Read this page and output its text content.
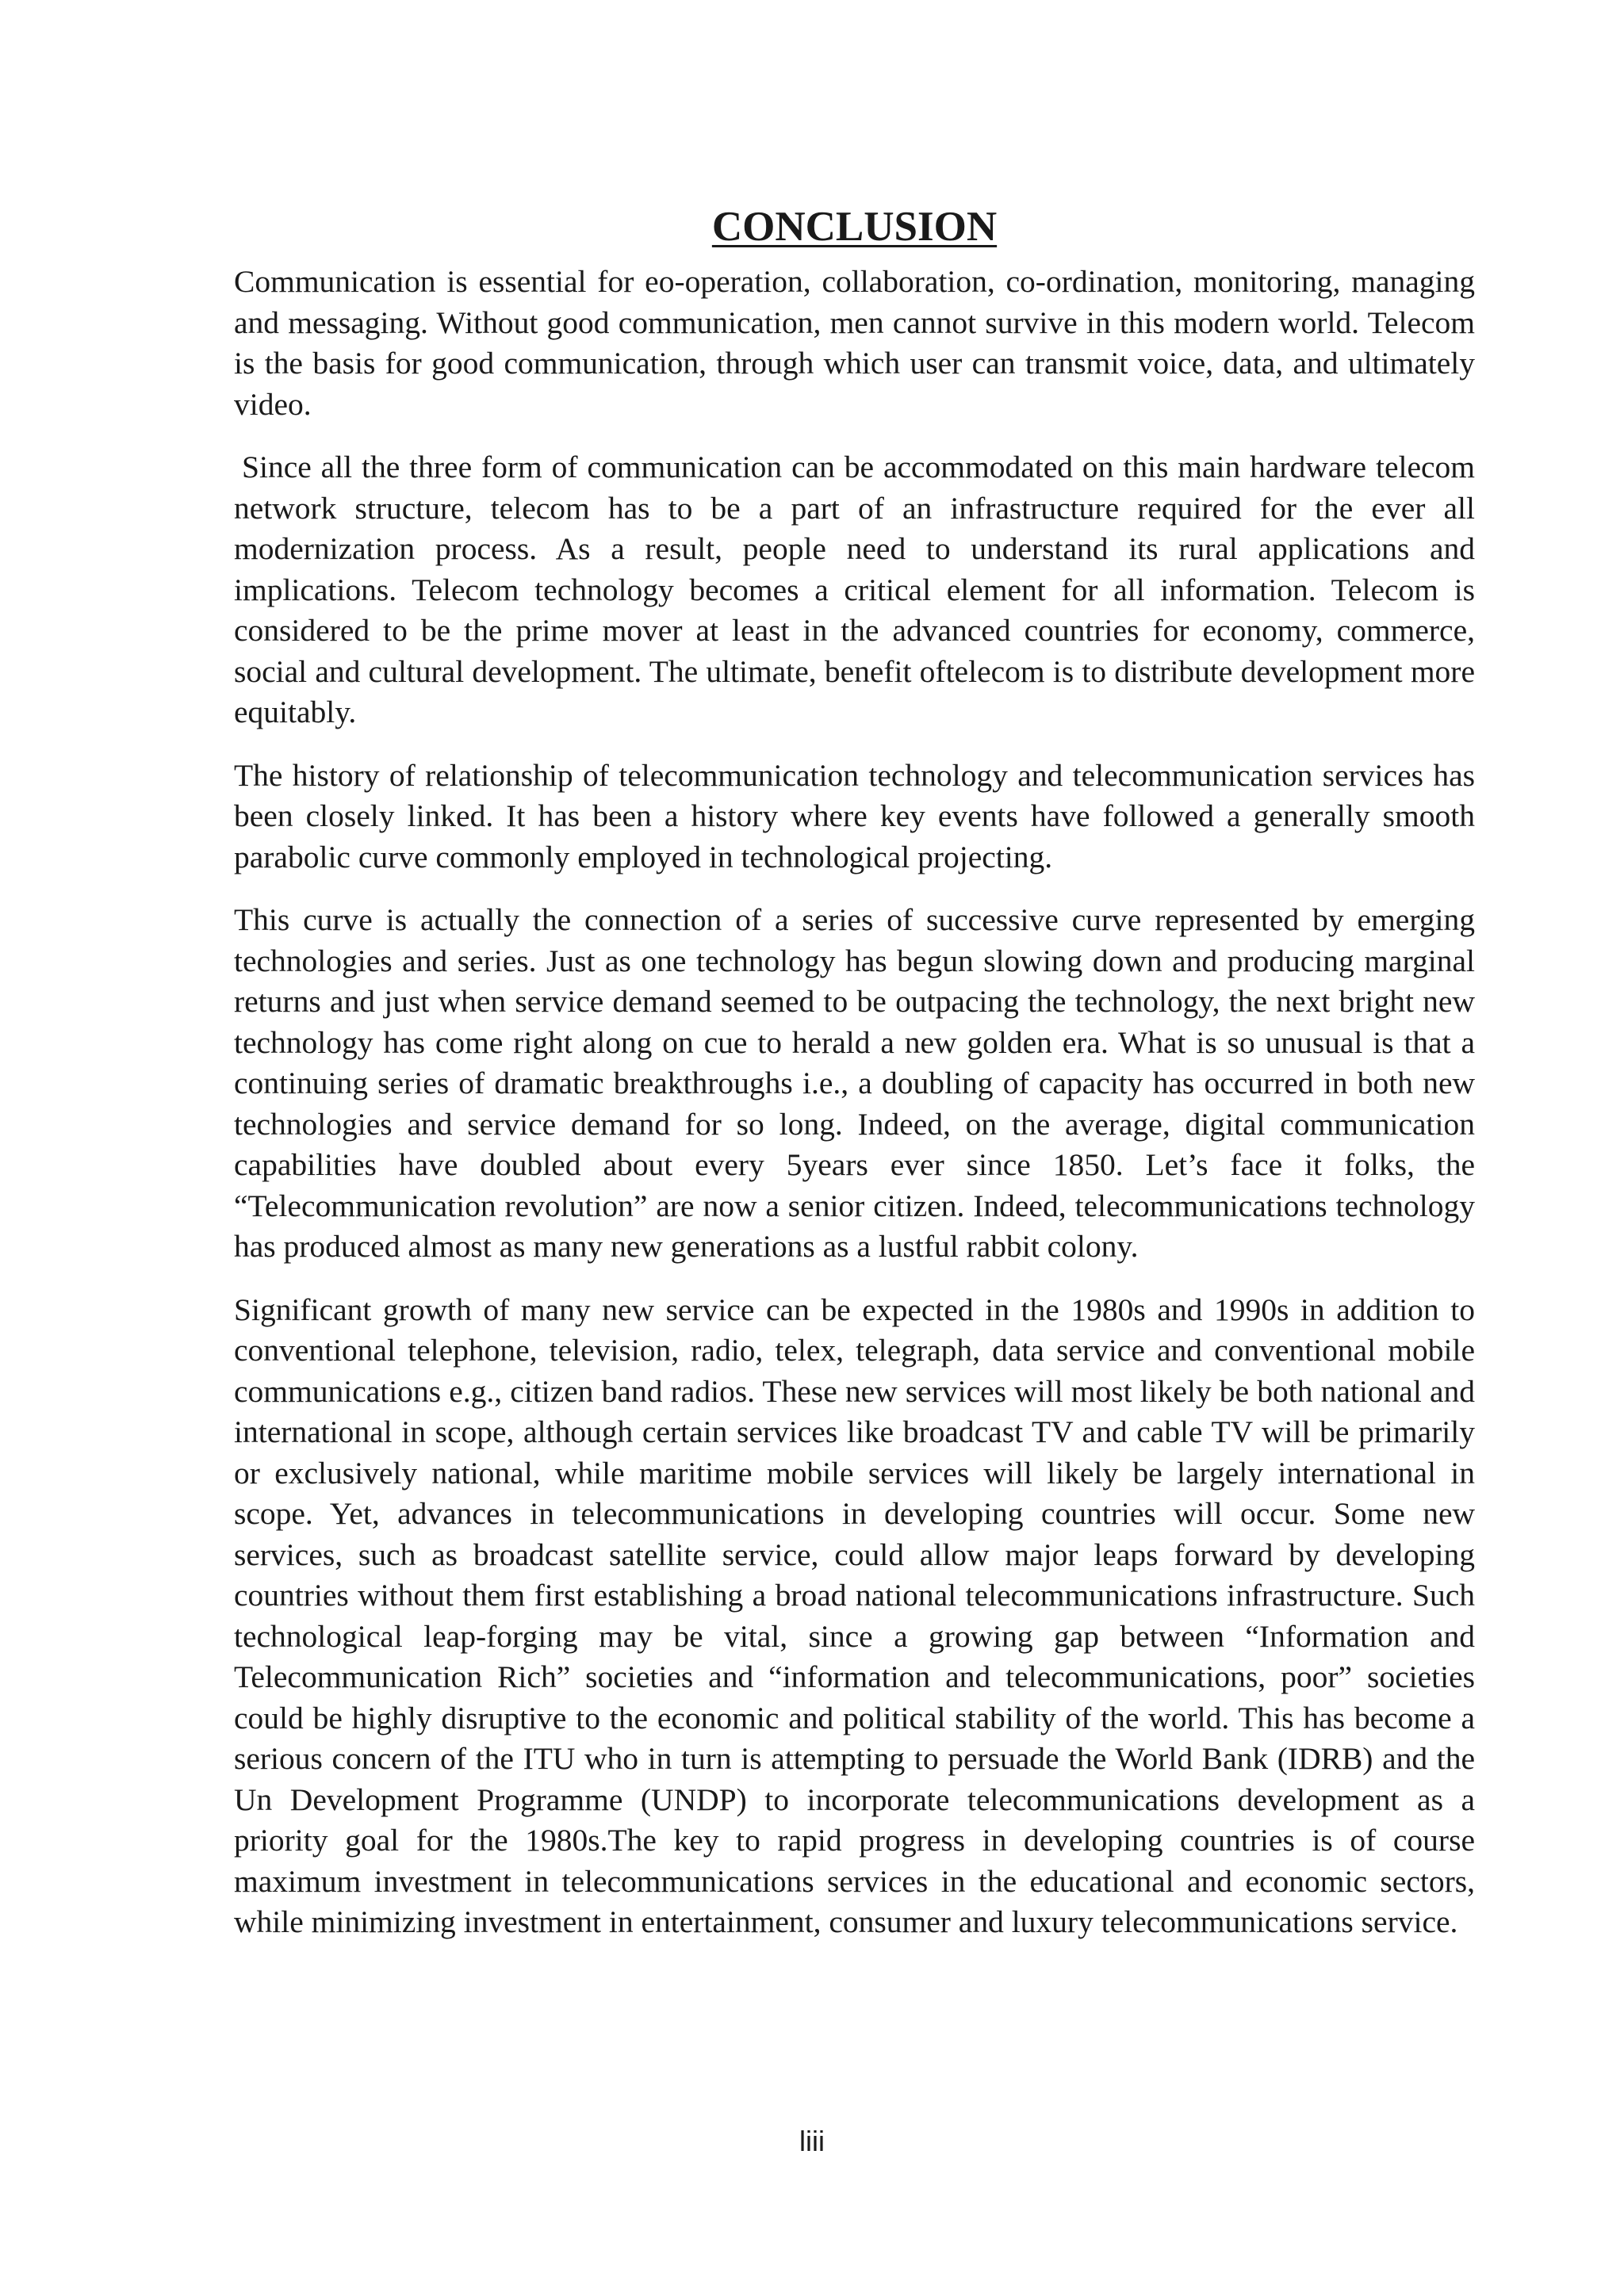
CONCLUSION

Communication is essential for eo-operation, collaboration, co-ordination, monitoring, managing and messaging. Without good communication, men cannot survive in this modern world. Telecom is the basis for good communication, through which user can transmit voice, data, and ultimately video.

Since all the three form of communication can be accommodated on this main hardware telecom network structure, telecom has to be a part of an infrastructure required for the ever all modernization process. As a result, people need to understand its rural applications and implications. Telecom technology becomes a critical element for all information. Telecom is considered to be the prime mover at least in the advanced countries for economy, commerce, social and cultural development. The ultimate, benefit oftelecom is to distribute development more equitably.

The history of relationship of telecommunication technology and telecommunication services has been closely linked. It has been a history where key events have followed a generally smooth parabolic curve commonly employed in technological projecting.

This curve is actually the connection of a series of successive curve represented by emerging technologies and series. Just as one technology has begun slowing down and producing marginal returns and just when service demand seemed to be outpacing the technology, the next bright new technology has come right along on cue to herald a new golden era. What is so unusual is that a continuing series of dramatic breakthroughs i.e., a doubling of capacity has occurred in both new technologies and service demand for so long. Indeed, on the average, digital communication capabilities have doubled about every 5years ever since 1850. Let’s face it folks, the “Telecommunication revolution” are now a senior citizen. Indeed, telecommunications technology has produced almost as many new generations as a lustful rabbit colony.

Significant growth of many new service can be expected in the 1980s and 1990s in addition to conventional telephone, television, radio, telex, telegraph, data service and conventional mobile communications e.g., citizen band radios. These new services will most likely be both national and international in scope, although certain services like broadcast TV and cable TV will be primarily or exclusively national, while maritime mobile services will likely be largely international in scope. Yet, advances in telecommunications in developing countries will occur. Some new services, such as broadcast satellite service, could allow major leaps forward by developing countries without them first establishing a broad national telecommunications infrastructure. Such technological leap-forging may be vital, since a growing gap between “Information and Telecommunication Rich” societies and “information and telecommunications, poor” societies could be highly disruptive to the economic and political stability of the world. This has become a serious concern of the ITU who in turn is attempting to persuade the World Bank (IDRB) and the Un Development Programme (UNDP) to incorporate telecommunications development as a priority goal for the 1980s.The key to rapid progress in developing countries is of course maximum investment in telecommunications services in the educational and economic sectors, while minimizing investment in entertainment, consumer and luxury telecommunications service.

liii
